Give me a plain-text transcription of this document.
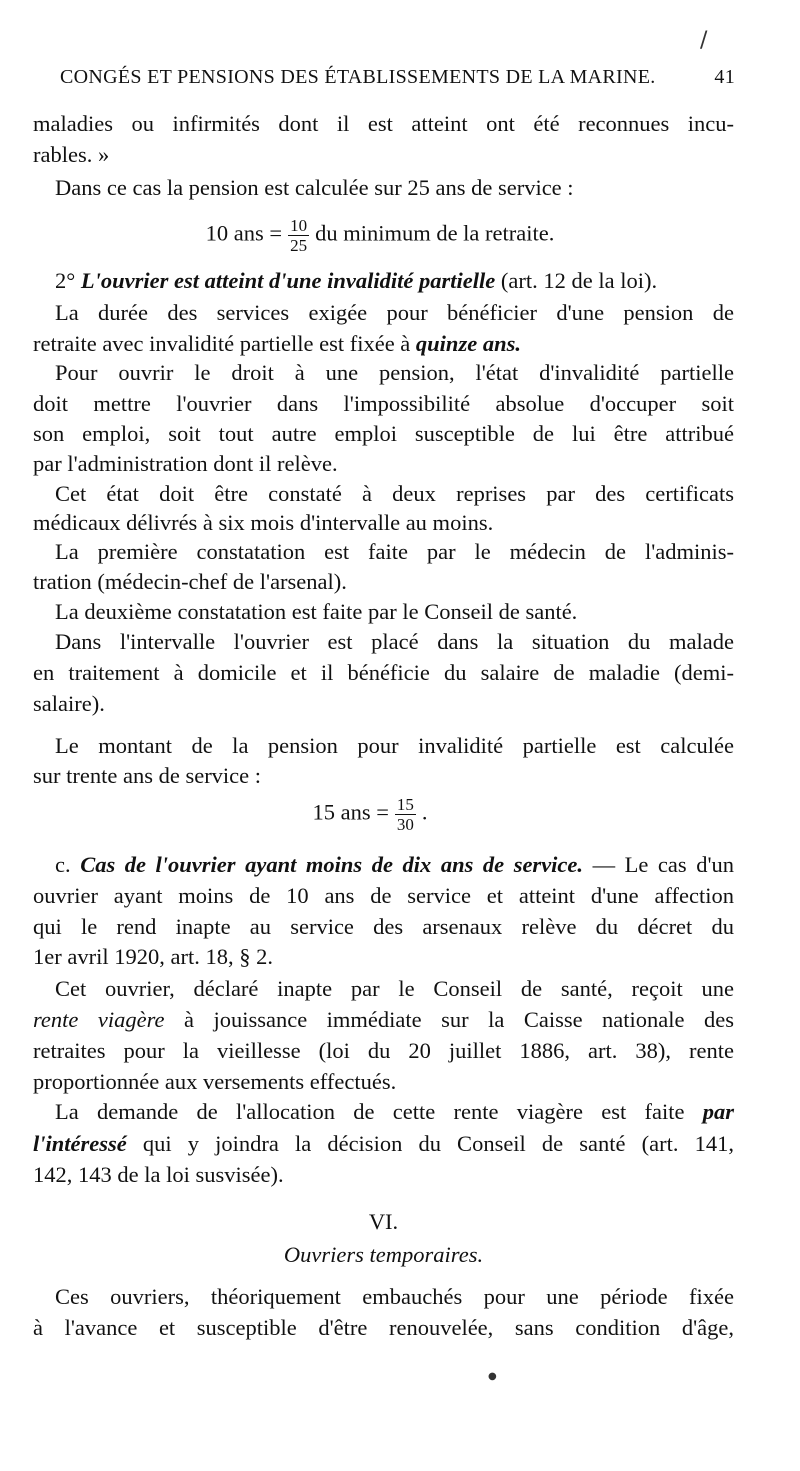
CONGÉS ET PENSIONS DES ÉTABLISSEMENTS DE LA MARINE.	41
/

maladies ou infirmités dont il est atteint ont été reconnues incu-

rables. »

Dans ce cas la pension est calculée sur 25 ans de service :

10 ans = $\frac{10}{25}$ du minimum de la retraite.

2° L'ouvrier est atteint d'une invalidité partielle (art. 12 de la loi).

La durée des services exigée pour bénéficier d'une pension de

retraite avec invalidité partielle est fixée à quinze ans.

Pour ouvrir le droit à une pension, l'état d'invalidité partielle

doit mettre l'ouvrier dans l'impossibilité absolue d'occuper soit

son emploi, soit tout autre emploi susceptible de lui être attribué

par l'administration dont il relève.

Cet état doit être constaté à deux reprises par des certificats

médicaux délivrés à six mois d'intervalle au moins.

La première constatation est faite par le médecin de l'adminis-

tration (médecin-chef de l'arsenal).

La deuxième constatation est faite par le Conseil de santé.

Dans l'intervalle l'ouvrier est placé dans la situation du malade

en traitement à domicile et il bénéficie du salaire de maladie (demi-

salaire).

Le montant de la pension pour invalidité partielle est calculée

sur trente ans de service :

15 ans = $\frac{15}{30}$ .

c. Cas de l'ouvrier ayant moins de dix ans de service. — Le cas d'un

ouvrier ayant moins de 10 ans de service et atteint d'une affection

qui le rend inapte au service des arsenaux relève du décret du

1er avril 1920, art. 18, § 2.

Cet ouvrier, déclaré inapte par le Conseil de santé, reçoit une

rente viagère à jouissance immédiate sur la Caisse nationale des

retraites pour la vieillesse (loi du 20 juillet 1886, art. 38), rente

proportionnée aux versements effectués.

La demande de l'allocation de cette rente viagère est faite par

l'intéressé qui y joindra la décision du Conseil de santé (art. 141,

142, 143 de la loi susvisée).

VI.

Ouvriers temporaires.

Ces ouvriers, théoriquement embauchés pour une période fixée

à l'avance et susceptible d'être renouvelée, sans condition d'âge,

●
